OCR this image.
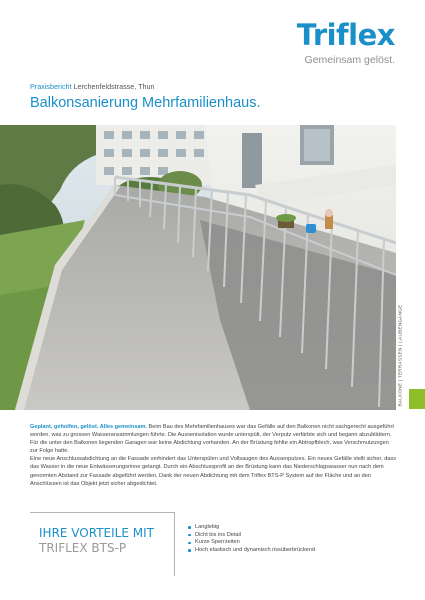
Triflex
Gemeinsam gelöst.
Praxisbericht Lerchenfeldstrasse, Thun
Balkonsanierung Mehrfamilienhaus.
BALKONE | TERRASSEN | LAUBENGÄNGE

Geplant, geholfen, gelöst. Alles gemeinsam. Beim Bau des Mehrfamilienhauses war das Gefälle auf den Balkonen nicht sachgerecht ausgeführt worden, was zu grossen Wasseransammlungen führte. Die Aussenisolation wurde unterspült, der Verputz verfärbte sich und begann abzublättern. Für die unter den Balkonen liegenden Garagen war keine Abdichtung vorhanden. An der Brüstung fehlte ein Abtropfblech, was Verschmutzungen zur Folge hatte.

Eine neue Anschlussabdichtung an die Fassade verhindert das Unterspülen und Vollsaugen des Aussenputzes. Ein neues Gefälle stellt sicher, dass das Wasser in die neue Entwässerungsrinne gelangt. Durch ein Abschlussprofil an der Brüstung kann das Niederschlagswasser nun nach dem genormten Abstand zur Fassade abgeführt werden. Dank der neuen Abdichtung mit dem Triflex BTS-P System auf der Fläche und an den Anschlüssen ist das Objekt jetzt sicher abgedichtet.

IHRE VORTEILE MIT
TRIFLEX BTS-P
Langlebig
Dicht bis ins Detail
Kurze Sperrzeiten
Hoch elastisch und dynamisch rissüberbrückend
